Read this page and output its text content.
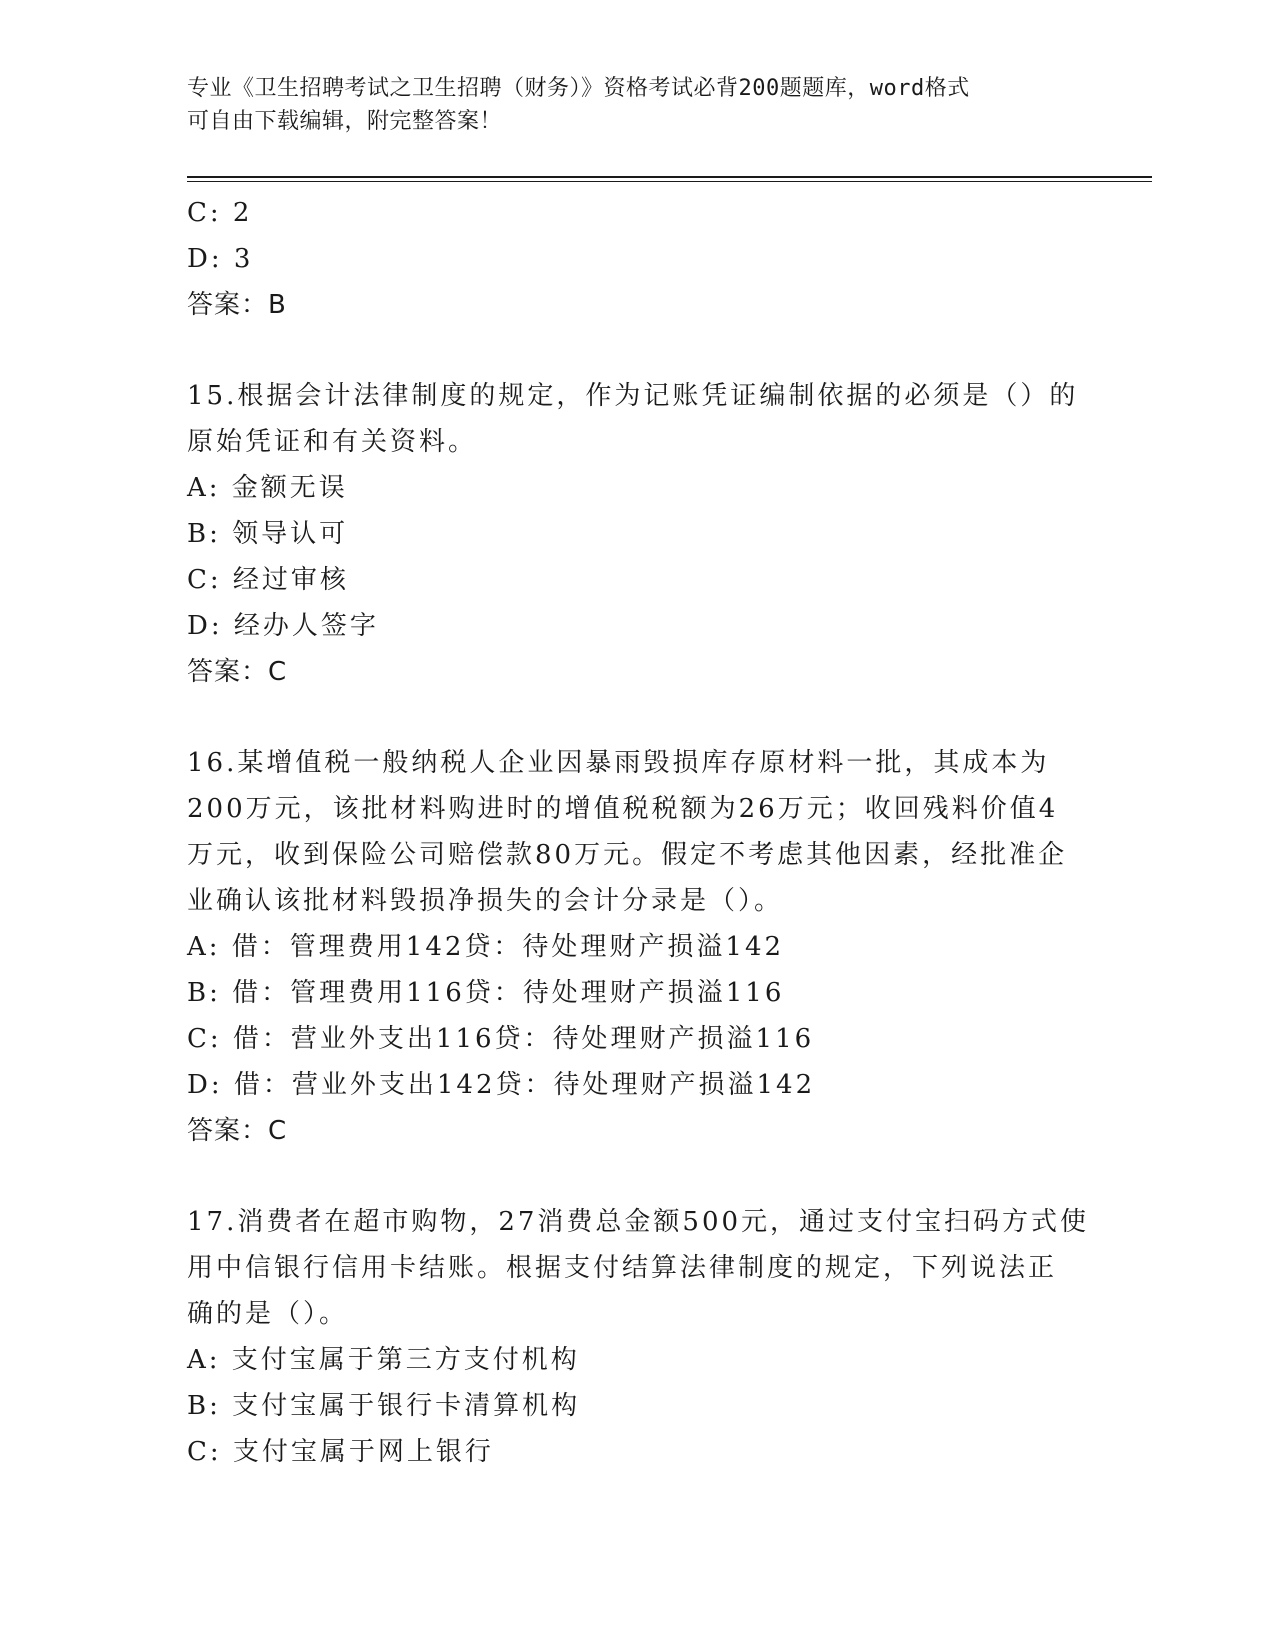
专业《卫生招聘考试之卫生招聘（财务）》资格考试必背200题题库，word格式
可自由下载编辑，附完整答案！
C: 2
D: 3
答案：B
15.根据会计法律制度的规定，作为记账凭证编制依据的必须是（）的
原始凭证和有关资料。
A: 金额无误
B: 领导认可
C: 经过审核
D: 经办人签字
答案：C
16.某增值税一般纳税人企业因暴雨毁损库存原材料一批，其成本为
200万元，该批材料购进时的增值税税额为26万元；收回残料价值4
万元，收到保险公司赔偿款80万元。假定不考虑其他因素，经批准企
业确认该批材料毁损净损失的会计分录是（）。
A: 借：管理费用142贷：待处理财产损溢142
B: 借：管理费用116贷：待处理财产损溢116
C: 借：营业外支出116贷：待处理财产损溢116
D: 借：营业外支出142贷：待处理财产损溢142
答案：C
17.消费者在超市购物，27消费总金额500元，通过支付宝扫码方式使
用中信银行信用卡结账。根据支付结算法律制度的规定，下列说法正
确的是（）。
A: 支付宝属于第三方支付机构
B: 支付宝属于银行卡清算机构
C: 支付宝属于网上银行
